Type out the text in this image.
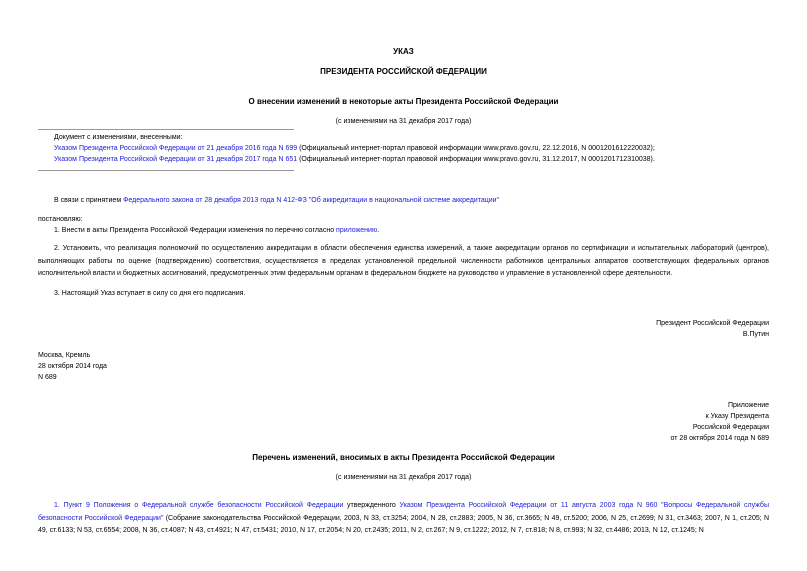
УКАЗ
ПРЕЗИДЕНТА РОССИЙСКОЙ ФЕДЕРАЦИИ
О внесении изменений в некоторые акты Президента Российской Федерации
(с изменениями на 31 декабря 2017 года)
Документ с изменениями, внесенными:
Указом Президента Российской Федерации от 21 декабря 2016 года N 699 (Официальный интернет-портал правовой информации www.pravo.gov.ru, 22.12.2016, N 0001201612220032);
Указом Президента Российской Федерации от 31 декабря 2017 года N 651 (Официальный интернет-портал правовой информации www.pravo.gov.ru, 31.12.2017, N 0001201712310038).
В связи с принятием Федерального закона от 28 декабря 2013 года N 412-ФЗ "Об аккредитации в национальной системе аккредитации"
постановляю:
1. Внести в акты Президента Российской Федерации изменения по перечню согласно приложению.
2. Установить, что реализация полномочий по осуществлению аккредитации в области обеспечения единства измерений, а также аккредитации органов по сертификации и испытательных лабораторий (центров), выполняющих работы по оценке (подтверждению) соответствия, осуществляется в пределах установленной предельной численности работников центральных аппаратов соответствующих федеральных органов исполнительной власти и бюджетных ассигнований, предусмотренных этим федеральным органам в федеральном бюджете на руководство и управление в установленной сфере деятельности.
3. Настоящий Указ вступает в силу со дня его подписания.
Президент Российской Федерации
В.Путин
Москва, Кремль
28 октября 2014 года
N 689
Приложение
к Указу Президента
Российской Федерации
от 28 октября 2014 года N 689
Перечень изменений, вносимых в акты Президента Российской Федерации
(с изменениями на 31 декабря 2017 года)
1. Пункт 9 Положения о Федеральной службе безопасности Российской Федерации утвержденного Указом Президента Российской Федерации от 11 августа 2003 года N 960 "Вопросы Федеральной службы безопасности Российской Федерации" (Собрание законодательства Российской Федерации, 2003, N 33, ст.3254; 2004, N 28, ст.2883; 2005, N 36, ст.3665; N 49, ст.5200; 2006, N 25, ст.2699; N 31, ст.3463; 2007, N 1, ст.205; N 49, ст.6133; N 53, ст.6554; 2008, N 36, ст.4087; N 43, ст.4921; N 47, ст.5431; 2010, N 17, ст.2054; N 20, ст.2435; 2011, N 2, ст.267; N 9, ст.1222; 2012, N 7, ст.818; N 8, ст.993; N 32, ст.4486; 2013, N 12, ст.1245; N
